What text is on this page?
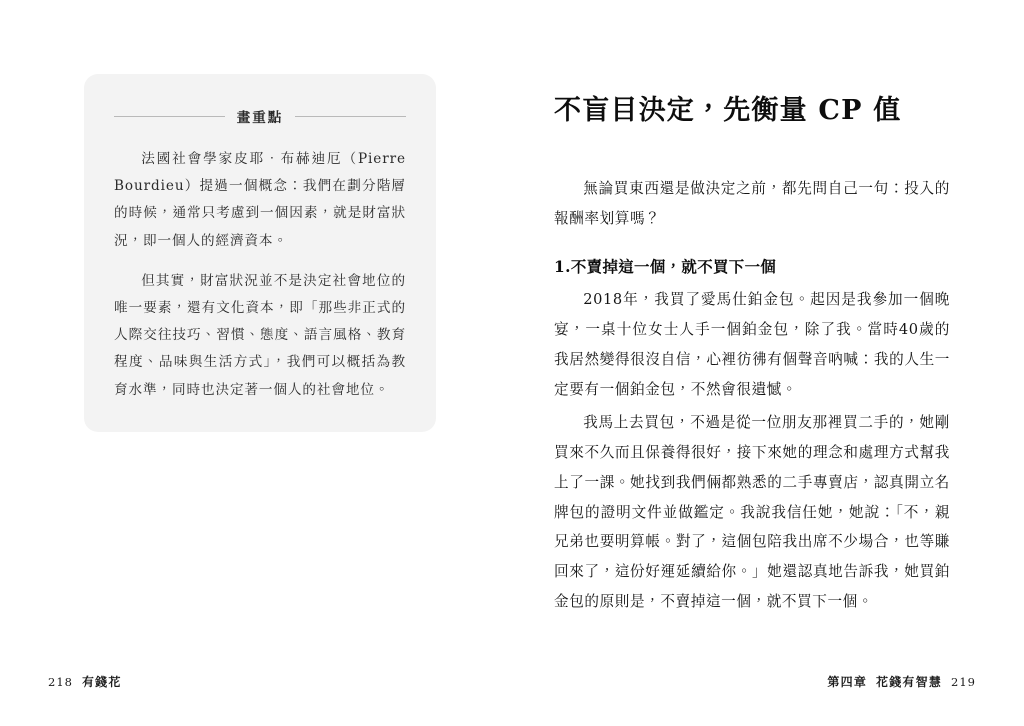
畫重點

法國社會學家皮耶‧布赫迪厄（Pierre Bourdieu）提過一個概念：我們在劃分階層的時候，通常只考慮到一個因素，就是財富狀況，即一個人的經濟資本。

但其實，財富狀況並不是決定社會地位的唯一要素，還有文化資本，即「那些非正式的人際交往技巧、習慣、態度、語言風格、教育程度、品味與生活方式」，我們可以概括為教育水準，同時也決定著一個人的社會地位。

218 有錢花
不盲目決定，先衡量 CP 值

無論買東西還是做決定之前，都先問自己一句：投入的報酬率划算嗎？

1.不賣掉這一個，就不買下一個

2018年，我買了愛馬仕鉑金包。起因是我參加一個晚宴，一桌十位女士人手一個鉑金包，除了我。當時40歲的我居然變得很沒自信，心裡彷彿有個聲音吶喊：我的人生一定要有一個鉑金包，不然會很遺憾。

我馬上去買包，不過是從一位朋友那裡買二手的，她剛買來不久而且保養得很好，接下來她的理念和處理方式幫我上了一課。她找到我們倆都熟悉的二手專賣店，認真開立名牌包的證明文件並做鑑定。我說我信任她，她說：「不，親兄弟也要明算帳。對了，這個包陪我出席不少場合，也等賺回來了，這份好運延續給你。」她還認真地告訴我，她買鉑金包的原則是，不賣掉這一個，就不買下一個。

第四章 花錢有智慧 219
